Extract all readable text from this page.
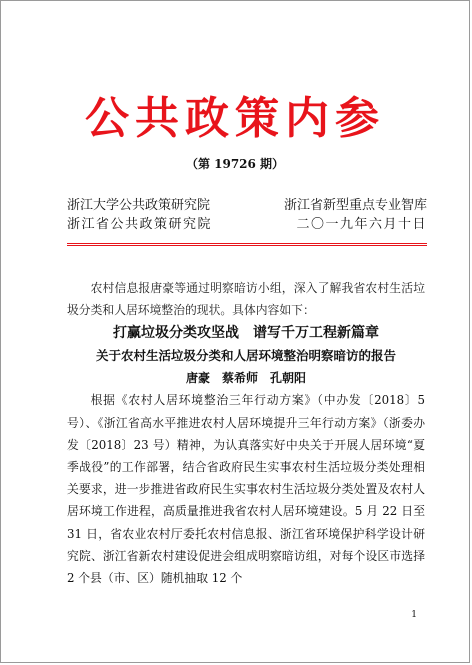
公共政策内参
（第 19726 期）
浙江大学公共政策研究院	浙江省新型重点专业智库
浙江省公共政策研究院	二〇一九年六月十日

农村信息报唐豪等通过明察暗访小组，深入了解我省农村生活垃圾分类和人居环境整治的现状。具体内容如下：

打赢垃圾分类攻坚战　谱写千万工程新篇章
关于农村生活垃圾分类和人居环境整治明察暗访的报告
唐豪　蔡希师　孔朝阳

根据《农村人居环境整治三年行动方案》（中办发〔2018〕5号）、《浙江省高水平推进农村人居环境提升三年行动方案》（浙委办发〔2018〕23 号）精神，为认真落实好中央关于开展人居环境“夏季战役”的工作部署，结合省政府民生实事农村生活垃圾分类处理相关要求，进一步推进省政府民生实事农村生活垃圾分类处置及农村人居环境工作进程，高质量推进我省农村人居环境建设。5 月 22 日至 31 日，省农业农村厅委托农村信息报、浙江省环境保护科学设计研究院、浙江省新农村建设促进会组成明察暗访组，对每个设区市选择 2 个县（市、区）随机抽取 12 个

1
